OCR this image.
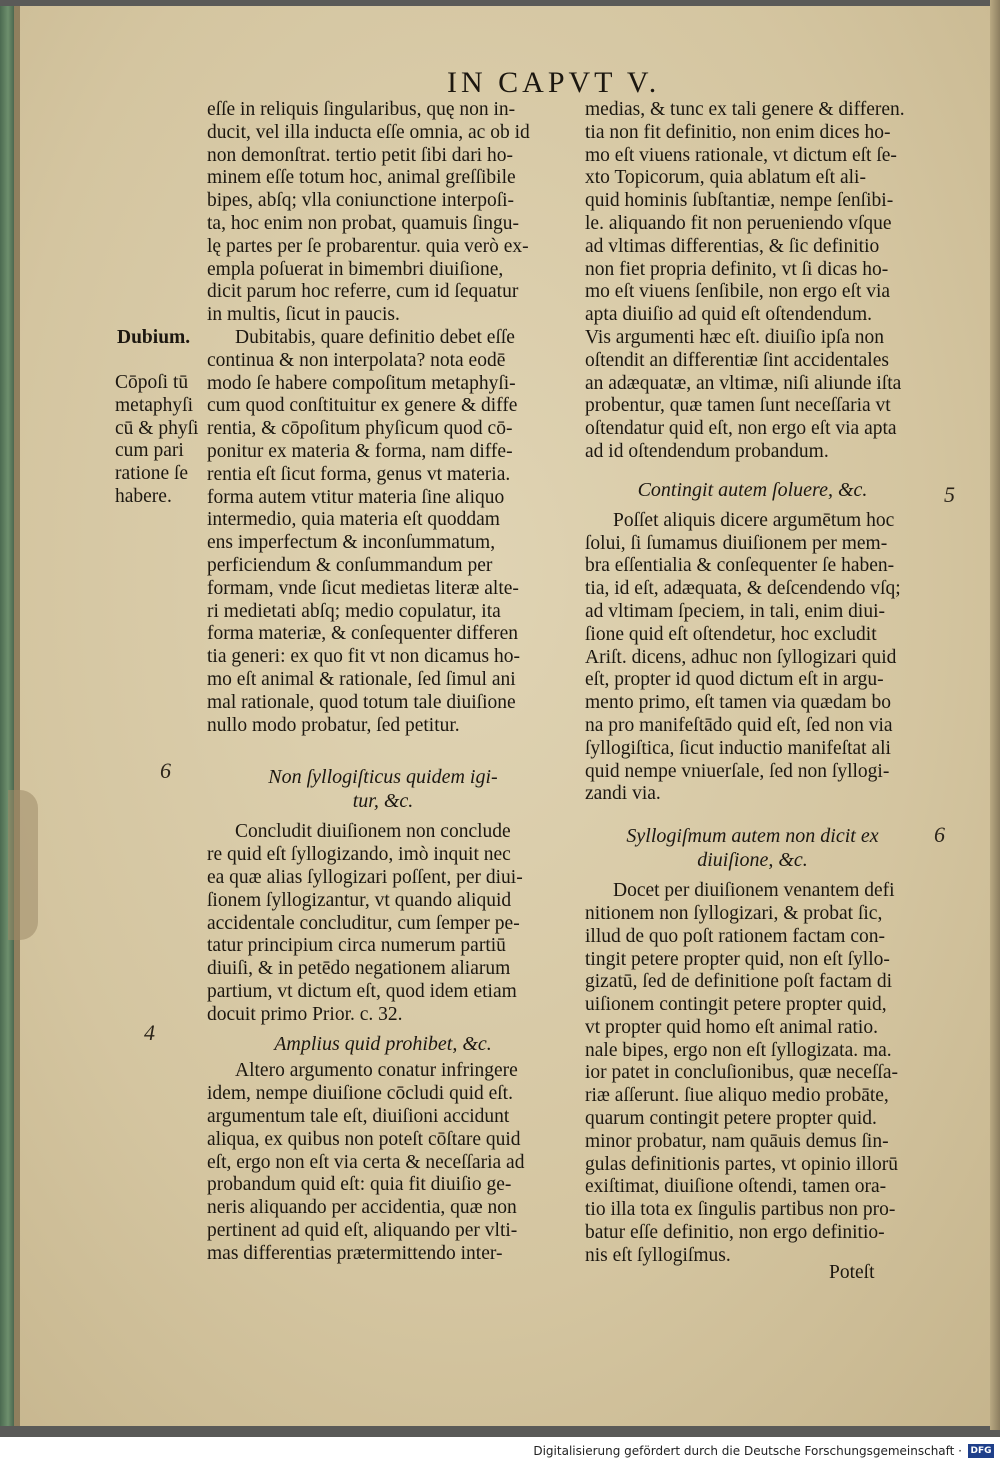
IN CAPVT V.
Dubium.
Cōpoſi tū
metaphyſi
cū & phyſi
cum pari
ratione ſe
habere.
6
4
5
6
eſſe in reliquis ſingularibus, quę non in-
ducit, vel illa inducta eſſe omnia, ac ob id
non demonſtrat. tertio petit ſibi dari ho-
minem eſſe totum hoc, animal greſſibile
bipes, abſq; vlla coniunctione interpoſi-
ta, hoc enim non probat, quamuis ſingu-
lę partes per ſe probarentur. quia verò ex-
empla poſuerat in bimembri diuiſione,
dicit parum hoc referre, cum id ſequatur
in multis, ſicut in paucis.
Dubitabis, quare definitio debet eſſe
continua & non interpolata? nota eodē
modo ſe habere compoſitum metaphyſi-
cum quod conſtituitur ex genere & diffe
rentia, & cōpoſitum phyſicum quod cō-
ponitur ex materia & forma, nam diffe-
rentia eſt ſicut forma, genus vt materia.
forma autem vtitur materia ſine aliquo
intermedio, quia materia eſt quoddam
ens imperfectum & inconſummatum,
perficiendum & conſummandum per
formam, vnde ſicut medietas literæ alte-
ri medietati abſq; medio copulatur, ita
forma materiæ, & conſequenter differen
tia generi: ex quo fit vt non dicamus ho-
mo eſt animal & rationale, ſed ſimul ani
mal rationale, quod totum tale diuiſione
nullo modo probatur, ſed petitur.
Non ſyllogiſticus quidem igi-
tur, &c.
Concludit diuiſionem non conclude
re quid eſt ſyllogizando, imò inquit nec
ea quæ alias ſyllogizari poſſent, per diui-
ſionem ſyllogizantur, vt quando aliquid
accidentale concluditur, cum ſemper pe-
tatur principium circa numerum partiū
diuiſi, & in petēdo negationem aliarum
partium, vt dictum eſt, quod idem etiam
docuit primo Prior. c. 32.
Amplius quid prohibet, &c.
Altero argumento conatur infringere
idem, nempe diuiſione cōcludi quid eſt.
argumentum tale eſt, diuiſioni accidunt
aliqua, ex quibus non poteſt cōſtare quid
eſt, ergo non eſt via certa & neceſſaria ad
probandum quid eſt: quia fit diuiſio ge-
neris aliquando per accidentia, quæ non
pertinent ad quid eſt, aliquando per vlti-
mas differentias prætermittendo inter-
medias, & tunc ex tali genere & differen.
tia non fit definitio, non enim dices ho-
mo eſt viuens rationale, vt dictum eſt ſe-
xto Topicorum, quia ablatum eſt ali-
quid hominis ſubſtantiæ, nempe ſenſibi-
le. aliquando fit non perueniendo vſque
ad vltimas differentias, & ſic definitio
non fiet propria definito, vt ſi dicas ho-
mo eſt viuens ſenſibile, non ergo eſt via
apta diuiſio ad quid eſt oſtendendum.
Vis argumenti hæc eſt. diuiſio ipſa non
oſtendit an differentiæ ſint accidentales
an adæquatæ, an vltimæ, niſi aliunde iſta
probentur, quæ tamen ſunt neceſſaria vt
oſtendatur quid eſt, non ergo eſt via apta
ad id oſtendendum probandum.
Contingit autem ſoluere, &c.
Poſſet aliquis dicere argumētum hoc
ſolui, ſi ſumamus diuiſionem per mem-
bra eſſentialia & conſequenter ſe haben-
tia, id eſt, adæquata, & deſcendendo vſq;
ad vltimam ſpeciem, in tali, enim diui-
ſione quid eſt oſtendetur, hoc excludit
Ariſt. dicens, adhuc non ſyllogizari quid
eſt, propter id quod dictum eſt in argu-
mento primo, eſt tamen via quædam bo
na pro manifeſtādo quid eſt, ſed non via
ſyllogiſtica, ſicut inductio manifeſtat ali
quid nempe vniuerſale, ſed non ſyllogi-
zandi via.
Syllogiſmum autem non dicit ex
diuiſione, &c.
Docet per diuiſionem venantem defi
nitionem non ſyllogizari, & probat ſic,
illud de quo poſt rationem factam con-
tingit petere propter quid, non eſt ſyllo-
gizatū, ſed de definitione poſt factam di
uiſionem contingit petere propter quid,
vt propter quid homo eſt animal ratio.
nale bipes, ergo non eſt ſyllogizata. ma.
ior patet in concluſionibus, quæ neceſſa-
riæ aſſerunt. ſiue aliquo medio probāte,
quarum contingit petere propter quid.
minor probatur, nam quāuis demus ſin-
gulas definitionis partes, vt opinio illorū
exiſtimat, diuiſione oſtendi, tamen ora-
tio illa tota ex ſingulis partibus non pro-
batur eſſe definitio, non ergo definitio-
nis eſt ſyllogiſmus.
Poteſt
Digitalisierung gefördert durch die Deutsche Forschungsgemeinschaft · DFG
